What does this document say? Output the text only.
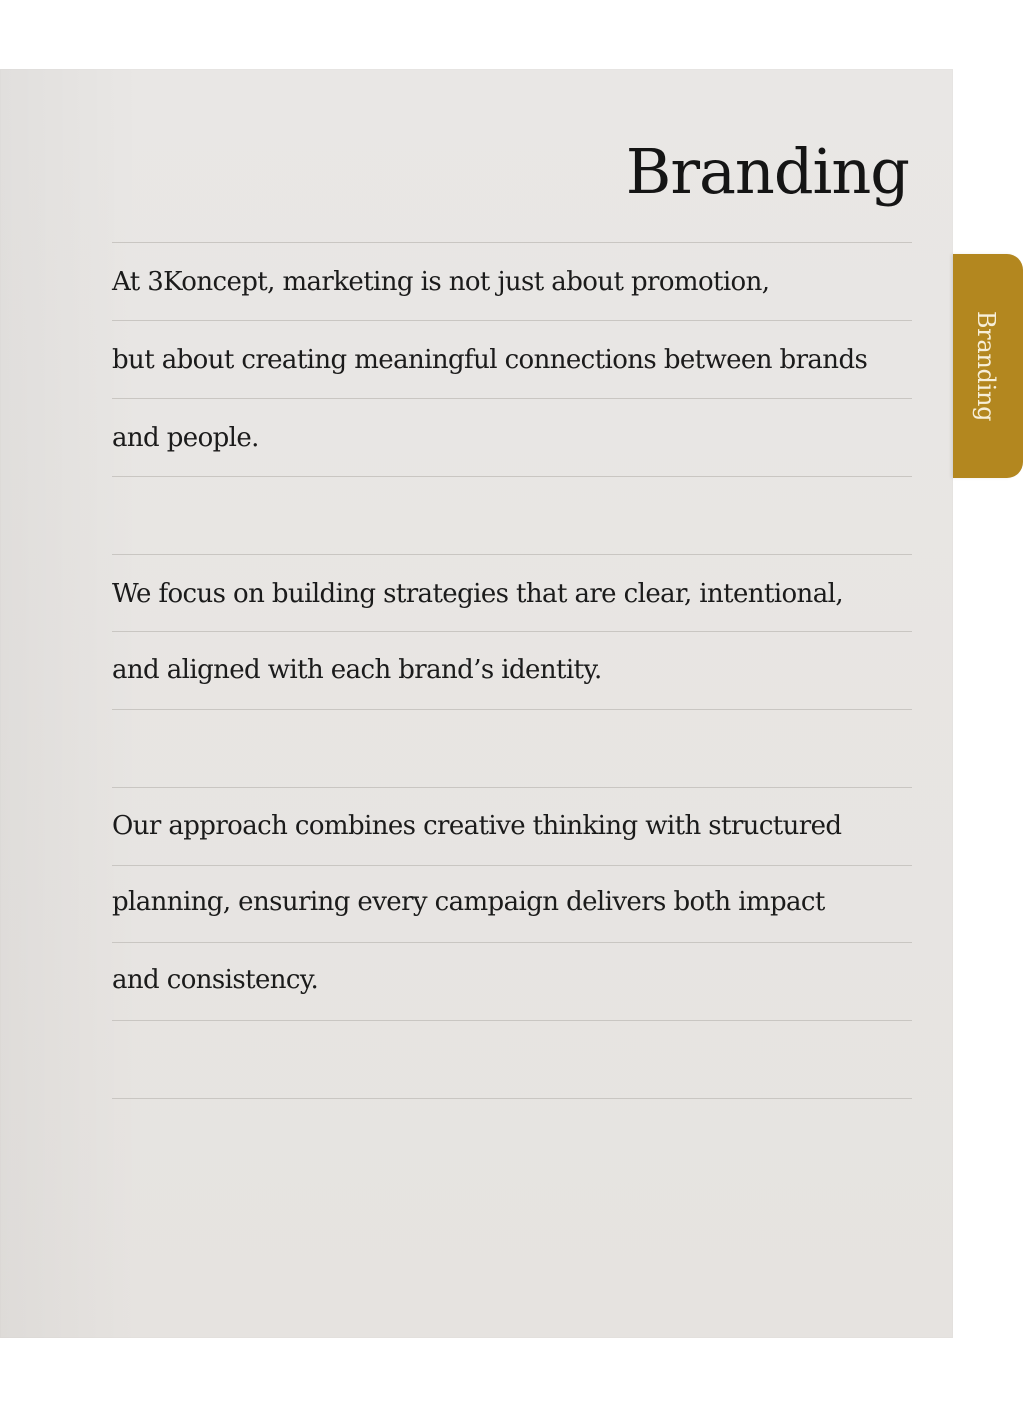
Branding
At 3Koncept, marketing is not just about promotion,
but about creating meaningful connections between brands
and people.
We focus on building strategies that are clear, intentional,
and aligned with each brand’s identity.
Our approach combines creative thinking with structured
planning, ensuring every campaign delivers both impact
and consistency.
Branding
